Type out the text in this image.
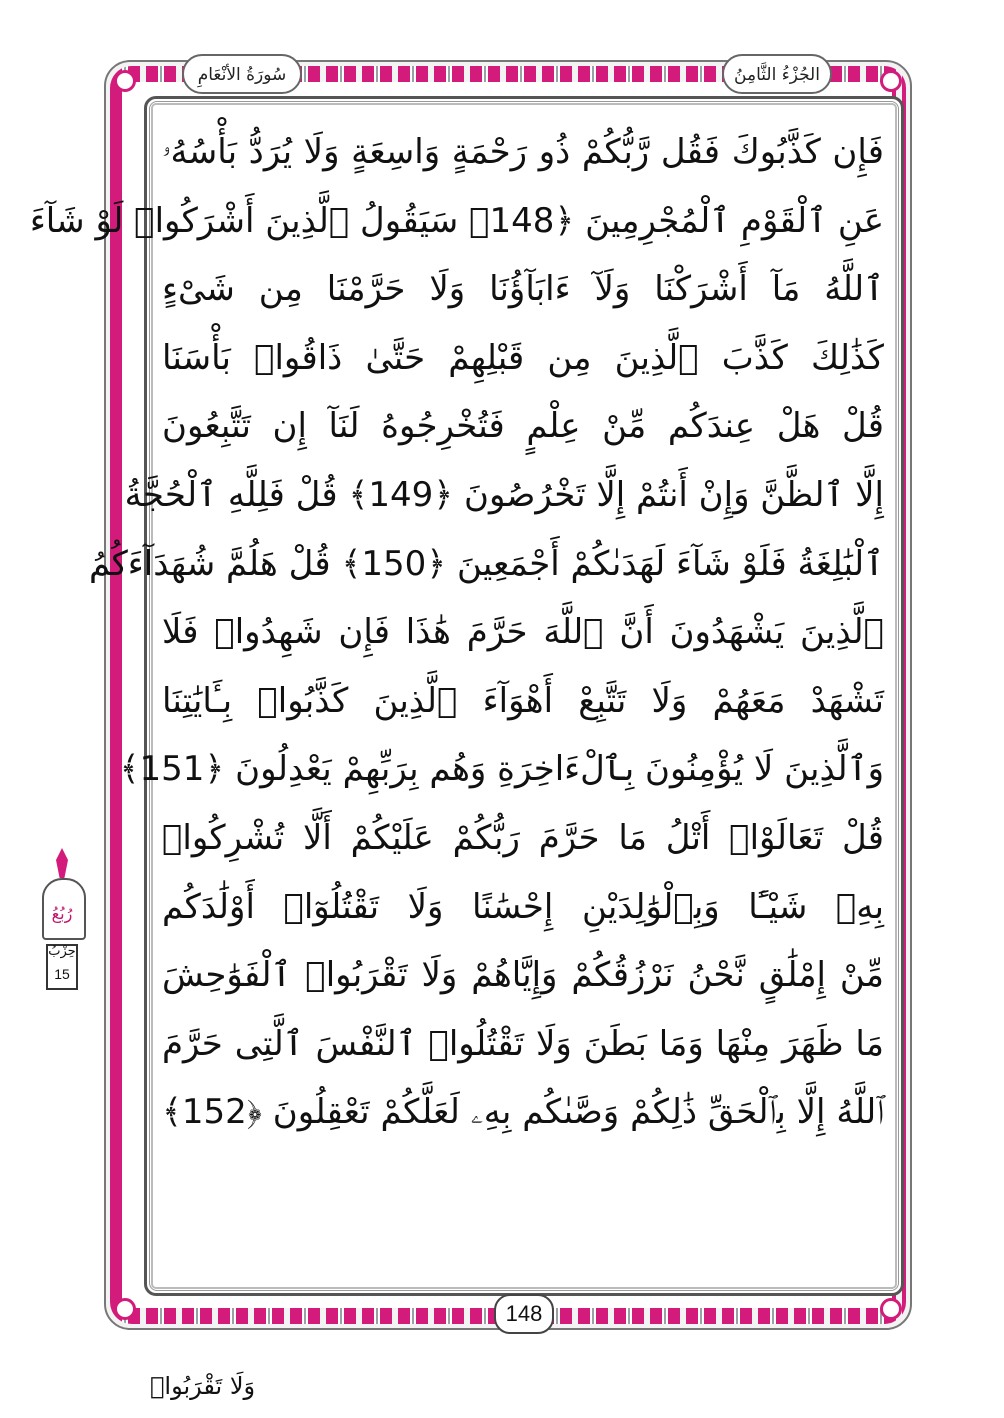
سُورَةُ الأنْعَامِ	الجُزْءُ الثَّامِنُ
فَإِن كَذَّبُوكَ فَقُل رَّبُّكُمْ ذُو رَحْمَةٍ وَاسِعَةٍ وَلَا يُرَدُّ بَأْسُهُۥ
عَنِ ٱلْقَوْمِ ٱلْمُجْرِمِينَ ﴿148﴾ سَيَقُولُ ٱلَّذِينَ أَشْرَكُوا۟ لَوْ شَآءَ
ٱللَّهُ مَآ أَشْرَكْنَا وَلَآ ءَابَآؤُنَا وَلَا حَرَّمْنَا مِن شَىْءٍ
كَذَٰلِكَ كَذَّبَ ٱلَّذِينَ مِن قَبْلِهِمْ حَتَّىٰ ذَاقُوا۟ بَأْسَنَا
قُلْ هَلْ عِندَكُم مِّنْ عِلْمٍ فَتُخْرِجُوهُ لَنَآ إِن تَتَّبِعُونَ
إِلَّا ٱلظَّنَّ وَإِنْ أَنتُمْ إِلَّا تَخْرُصُونَ ﴿149﴾ قُلْ فَلِلَّهِ ٱلْحُجَّةُ
ٱلْبَٰلِغَةُ فَلَوْ شَآءَ لَهَدَىٰكُمْ أَجْمَعِينَ ﴿150﴾ قُلْ هَلُمَّ شُهَدَآءَكُمُ
ٱلَّذِينَ يَشْهَدُونَ أَنَّ ٱللَّهَ حَرَّمَ هَٰذَا فَإِن شَهِدُوا۟ فَلَا
تَشْهَدْ مَعَهُمْ وَلَا تَتَّبِعْ أَهْوَآءَ ٱلَّذِينَ كَذَّبُوا۟ بِـَٔايَٰتِنَا
وَٱلَّذِينَ لَا يُؤْمِنُونَ بِٱلْءَاخِرَةِ وَهُم بِرَبِّهِمْ يَعْدِلُونَ ﴿151﴾
قُلْ تَعَالَوْا۟ أَتْلُ مَا حَرَّمَ رَبُّكُمْ عَلَيْكُمْ أَلَّا تُشْرِكُوا۟
بِهِۦ شَيْـًٔا وَبِٱلْوَٰلِدَيْنِ إِحْسَٰنًا وَلَا تَقْتُلُوٓا۟ أَوْلَٰدَكُم
مِّنْ إِمْلَٰقٍ نَّحْنُ نَرْزُقُكُمْ وَإِيَّاهُمْ وَلَا تَقْرَبُوا۟ ٱلْفَوَٰحِشَ
مَا ظَهَرَ مِنْهَا وَمَا بَطَنَ وَلَا تَقْتُلُوا۟ ٱلنَّفْسَ ٱلَّتِى حَرَّمَ
ٱللَّهُ إِلَّا بِٱلْحَقِّ ذَٰلِكُمْ وَصَّىٰكُم بِهِۦ لَعَلَّكُمْ تَعْقِلُونَ ﴿152﴾
رُبُعُ
حِزْبُ
15
148
وَلَا تَقْرَبُوا۟
